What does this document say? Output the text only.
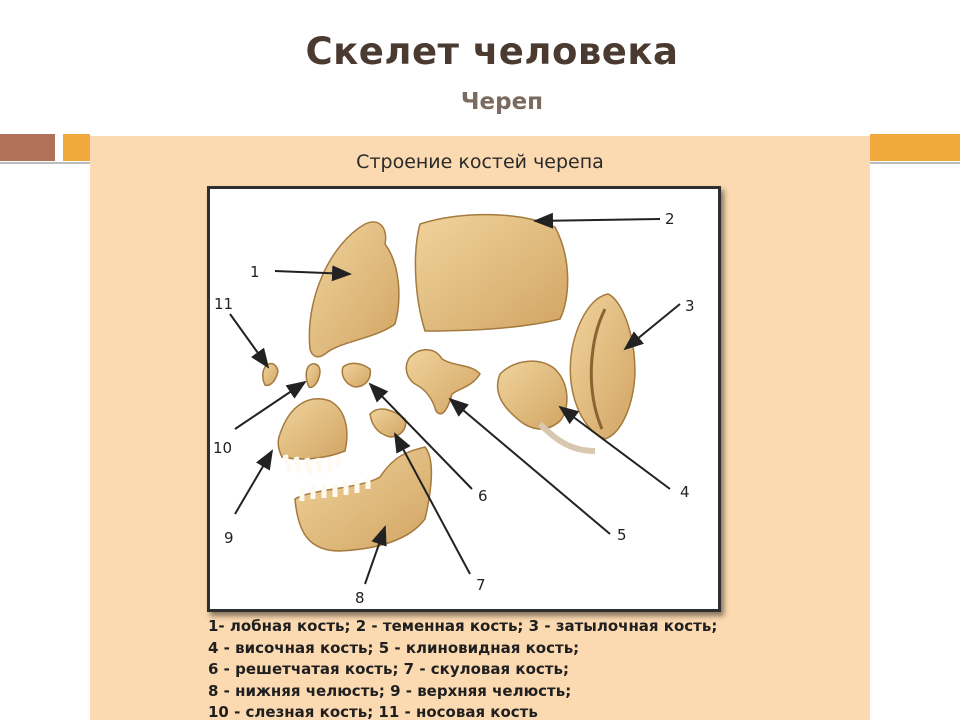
Скелет человека
Череп
Строение костей черепа
1
2
3
4
5
6
7
8
9
10
11
1- лобная кость; 2 - теменная кость; 3 - затылочная кость;
4 - височная кость; 5 - клиновидная кость;
6 - решетчатая кость; 7 - скуловая кость;
8 - нижняя челюсть; 9 - верхняя челюсть;
10 - слезная кость; 11 - носовая кость
